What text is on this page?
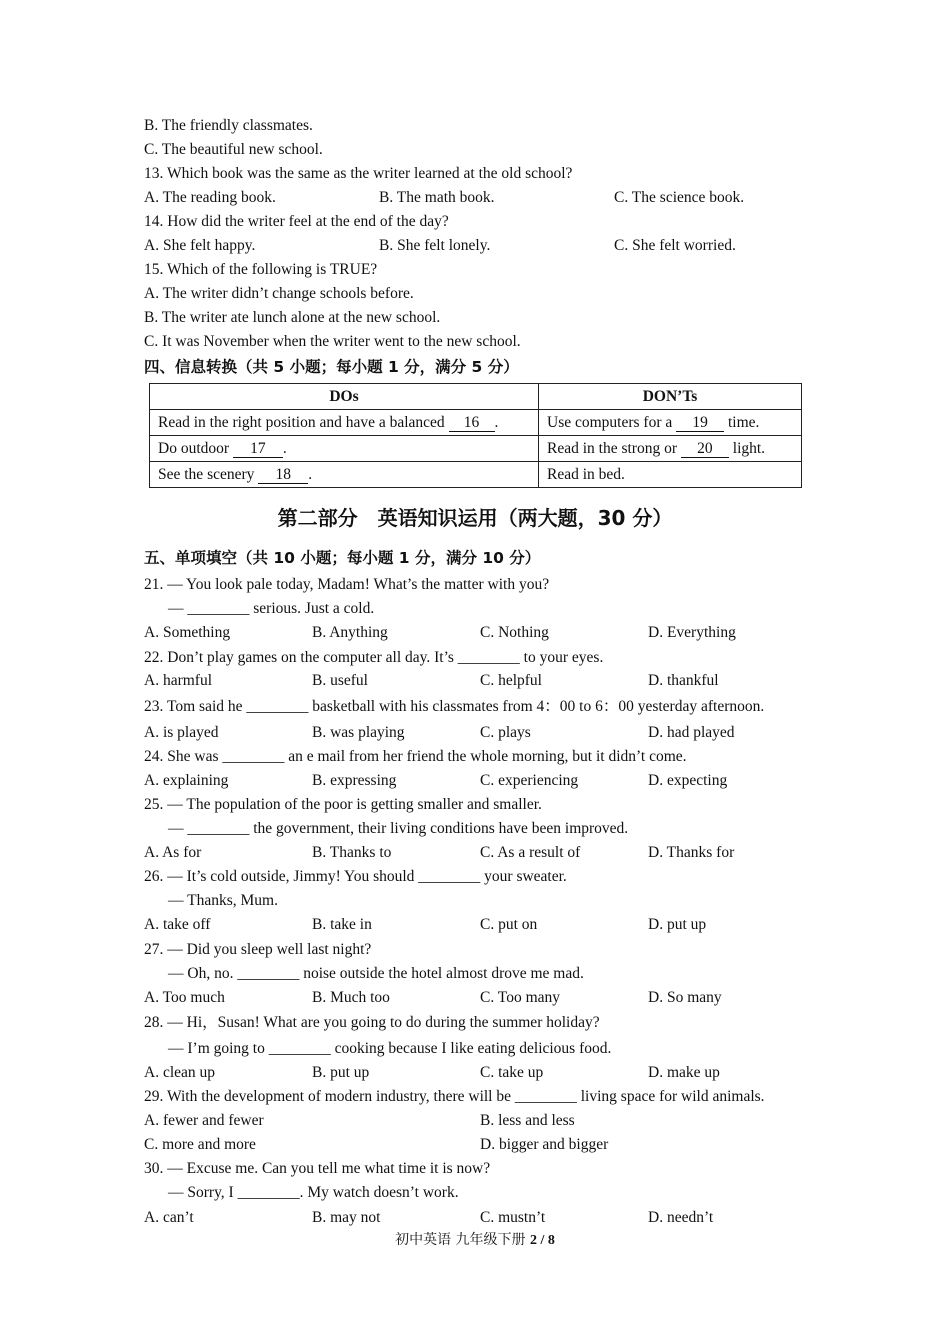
B. The friendly classmates.
C. The beautiful new school.
13. Which book was the same as the writer learned at the old school?
A. The reading book.	B. The math book.	C. The science book.
14. How did the writer feel at the end of the day?
A. She felt happy.	B. She felt lonely.	C. She felt worried.
15. Which of the following is TRUE?
A. The writer didn’t change schools before.
B. The writer ate lunch alone at the new school.
C. It was November when the writer went to the new school.
四、信息转换（共 5 小题；每小题 1 分，满分 5 分）
DOs	DON’Ts
Read in the right position and have a balanced 16 .	Use computers for a 19 time.
Do outdoor 17 .	Read in the strong or 20 light.
See the scenery 18 .	Read in bed.
第二部分　英语知识运用（两大题，30 分）
五、单项填空（共 10 小题；每小题 1 分，满分 10 分）
21. — You look pale today, Madam! What’s the matter with you?
— ________ serious. Just a cold.
A. Something	B. Anything	C. Nothing	D. Everything
22. Don’t play games on the computer all day. It’s ________ to your eyes.
A. harmful	B. useful	C. helpful	D. thankful
23. Tom said he ________ basketball with his classmates from 4：00 to 6：00 yesterday afternoon.
A. is played	B. was playing	C. plays	D. had played
24. She was ________ an e mail from her friend the whole morning, but it didn’t come.
A. explaining	B. expressing	C. experiencing	D. expecting
25. — The population of the poor is getting smaller and smaller.
— ________ the government, their living conditions have been improved.
A. As for	B. Thanks to	C. As a result of	D. Thanks for
26. — It’s cold outside, Jimmy! You should ________ your sweater.
— Thanks, Mum.
A. take off	B. take in	C. put on	D. put up
27. — Did you sleep well last night?
— Oh, no. ________ noise outside the hotel almost drove me mad.
A. Too much	B. Much too	C. Too many	D. So many
28. — Hi，Susan! What are you going to do during the summer holiday?
— I’m going to ________ cooking because I like eating delicious food.
A. clean up	B. put up	C. take up	D. make up
29. With the development of modern industry, there will be ________ living space for wild animals.
A. fewer and fewer	B. less and less
C. more and more	D. bigger and bigger
30. — Excuse me. Can you tell me what time it is now?
— Sorry, I ________. My watch doesn’t work.
A. can’t	B. may not	C. mustn’t	D. needn’t
初中英语 九年级下册 2 / 8
